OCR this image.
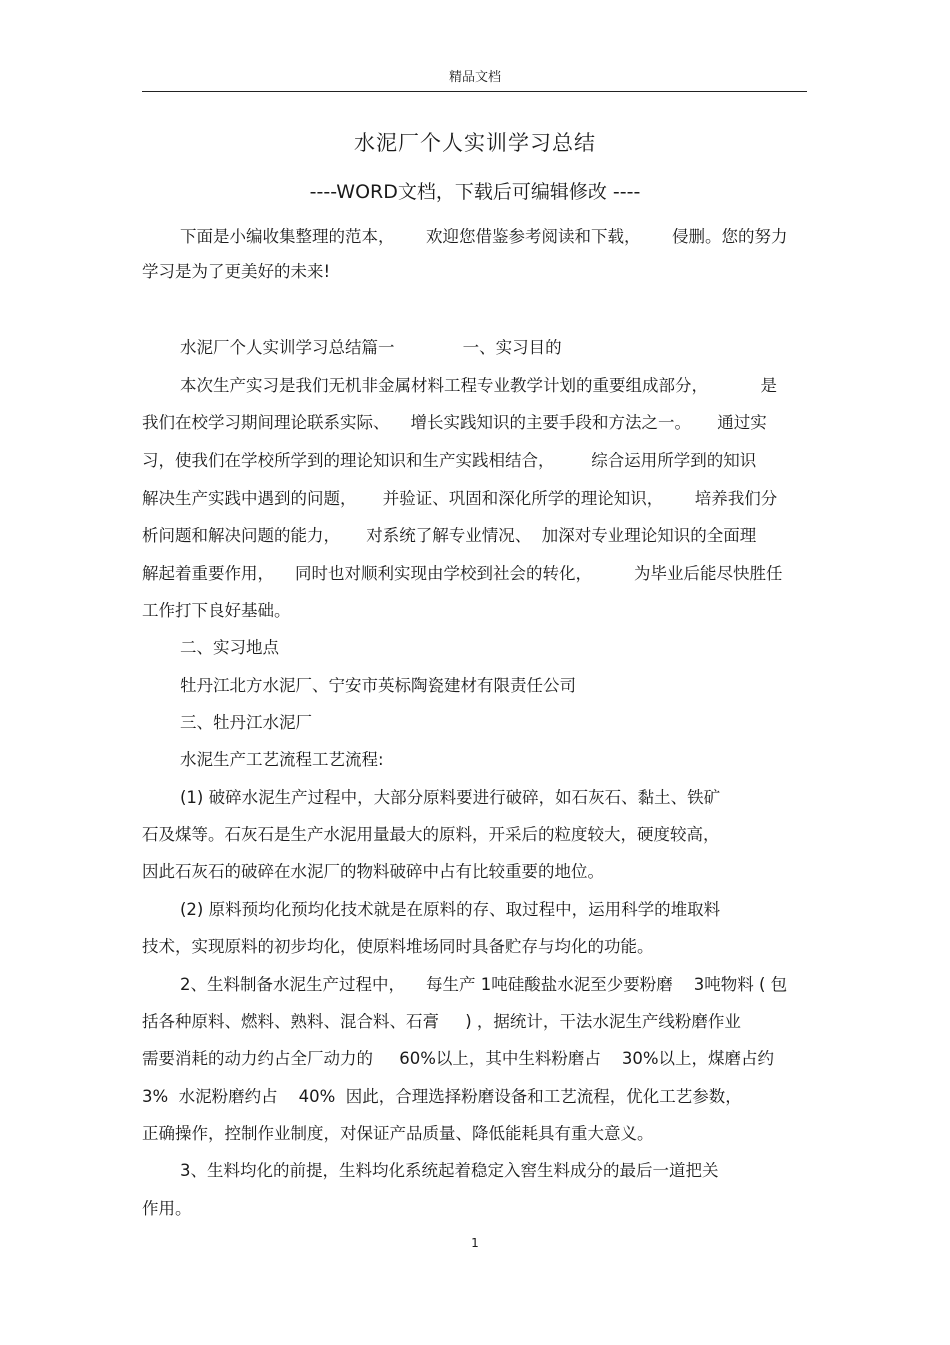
精品文档
水泥厂个人实训学习总结
----WORD文档，下载后可编辑修改 ----
下面是小编收集整理的范本，      欢迎您借鉴参考阅读和下载，      侵删。您的努力
学习是为了更美好的未来!
水泥厂个人实训学习总结篇一             一、实习目的
本次生产实习是我们无机非金属材料工程专业教学计划的重要组成部分，          是
我们在校学习期间理论联系实际、    增长实践知识的主要手段和方法之一。     通过实
习，使我们在学校所学到的理论知识和生产实践相结合，       综合运用所学到的知识
解决生产实践中遇到的问题，     并验证、巩固和深化所学的理论知识，      培养我们分
析问题和解决问题的能力，     对系统了解专业情况、  加深对专业理论知识的全面理
解起着重要作用，    同时也对顺利实现由学校到社会的转化，        为毕业后能尽快胜任
工作打下良好基础。
二、实习地点
牡丹江北方水泥厂、宁安市英标陶瓷建材有限责任公司
三、牡丹江水泥厂
水泥生产工艺流程工艺流程:
(1) 破碎水泥生产过程中，大部分原料要进行破碎，如石灰石、黏土、铁矿
石及煤等。石灰石是生产水泥用量最大的原料，开采后的粒度较大，硬度较高，
因此石灰石的破碎在水泥厂的物料破碎中占有比较重要的地位。
(2) 原料预均化预均化技术就是在原料的存、取过程中，运用科学的堆取料
技术，实现原料的初步均化，使原料堆场同时具备贮存与均化的功能。
2、生料制备水泥生产过程中，    每生产 1吨硅酸盐水泥至少要粉磨    3吨物料 ( 包
括各种原料、燃料、熟料、混合料、石膏     ) ，据统计，干法水泥生产线粉磨作业
需要消耗的动力约占全厂动力的     60%以上，其中生料粉磨占    30%以上，煤磨占约
3%  水泥粉磨约占    40%  因此，合理选择粉磨设备和工艺流程，优化工艺参数，
正确操作，控制作业制度，对保证产品质量、降低能耗具有重大意义。
3、生料均化的前提，生料均化系统起着稳定入窖生料成分的最后一道把关
作用。
1
